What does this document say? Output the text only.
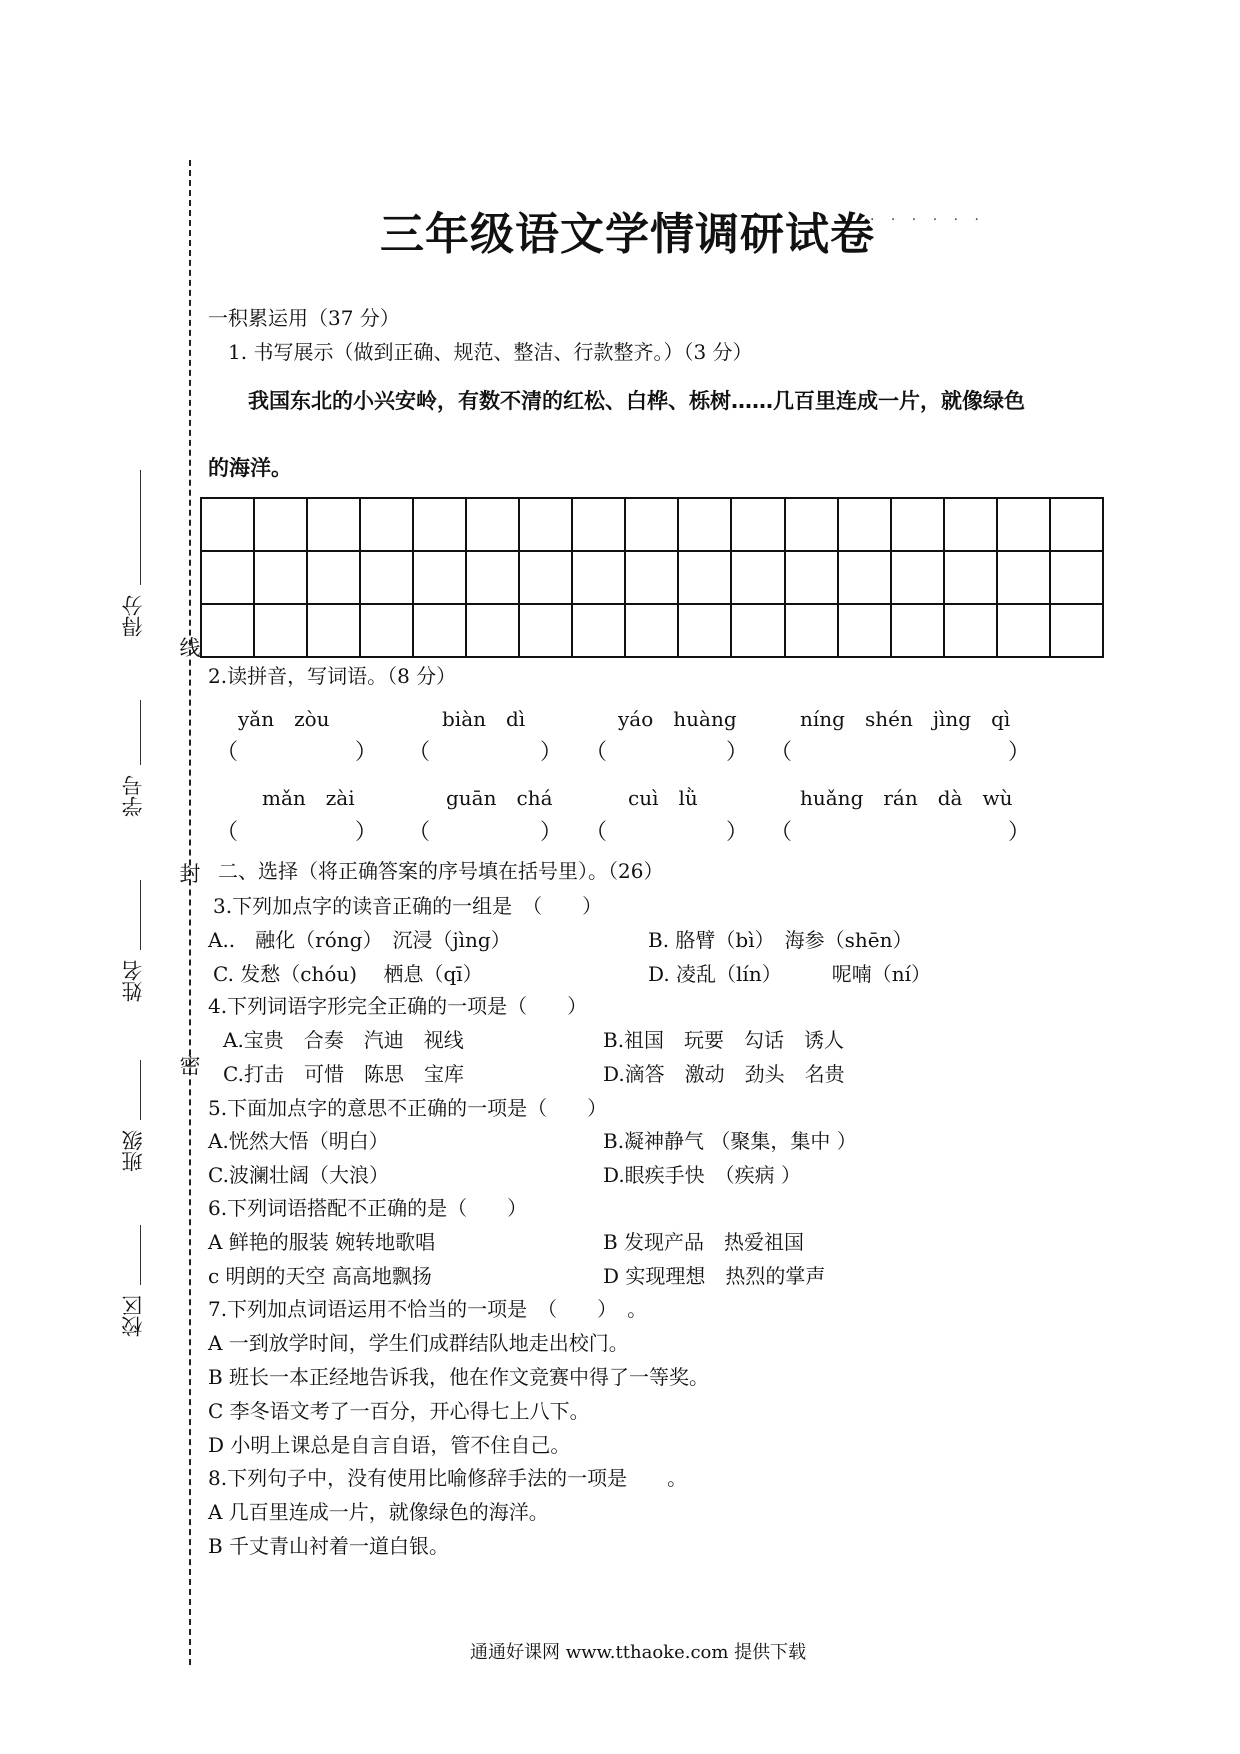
线
封
密
得分
学号
姓名
班级
校区
三年级语文学情调研试卷
· · · · · ·
一积累运用（37 分）
1. 书写展示（做到正确、规范、整洁、行款整齐。）（3 分）
我国东北的小兴安岭，有数不清的红松、白桦、栎树……几百里连成一片，就像绿色
的海洋。

2.读拼音，写词语。（8 分）
yǎn　zòu	biàn　dì	yáo　huàng	níng　shén　jìng　qì
（	） （	） （	） （	）
mǎn　zài	guān　chá	cuì　lǜ	huǎng　rán　dà　wù
（	） （	） （	） （	）
二、选择（将正确答案的序号填在括号里）。（26）
3.下列加点字的读音正确的一组是　（　　）
A..　融化（róng）　沉浸（jìng）	B. 胳臂（bì）　海参（shēn）
C. 发愁（chóu)　 栖息（qī）	D. 凌乱（lín）　　　呢喃（ní）
4.下列词语字形完全正确的一项是（　　）
A.宝贵　合奏　汽迪　视线	B.祖国　玩要　勾话　诱人
C.打击　可惜　陈思　宝库	D.滴答　激动　劲头　名贵
5.下面加点字的意思不正确的一项是（　　）
A.恍然大悟（明白）	B.凝神静气 （聚集，集中 ）
C.波澜壮阔（大浪）	D.眼疾手快　（疾病 ）
6.下列词语搭配不正确的是（　　）
A 鲜艳的服装 婉转地歌唱	B 发现产品　热爱祖国
c 明朗的天空 高高地飘扬	D 实现理想　热烈的掌声
7.下列加点词语运用不恰当的一项是　（　　）　。
A 一到放学时间，学生们成群结队地走出校门。
B 班长一本正经地告诉我，他在作文竞赛中得了一等奖。
C 李冬语文考了一百分，开心得七上八下。
D 小明上课总是自言自语，管不住自己。
8.下列句子中，没有使用比喻修辞手法的一项是　　。
A 几百里连成一片，就像绿色的海洋。
B 千丈青山衬着一道白银。
通通好课网 www.tthaoke.com 提供下载
